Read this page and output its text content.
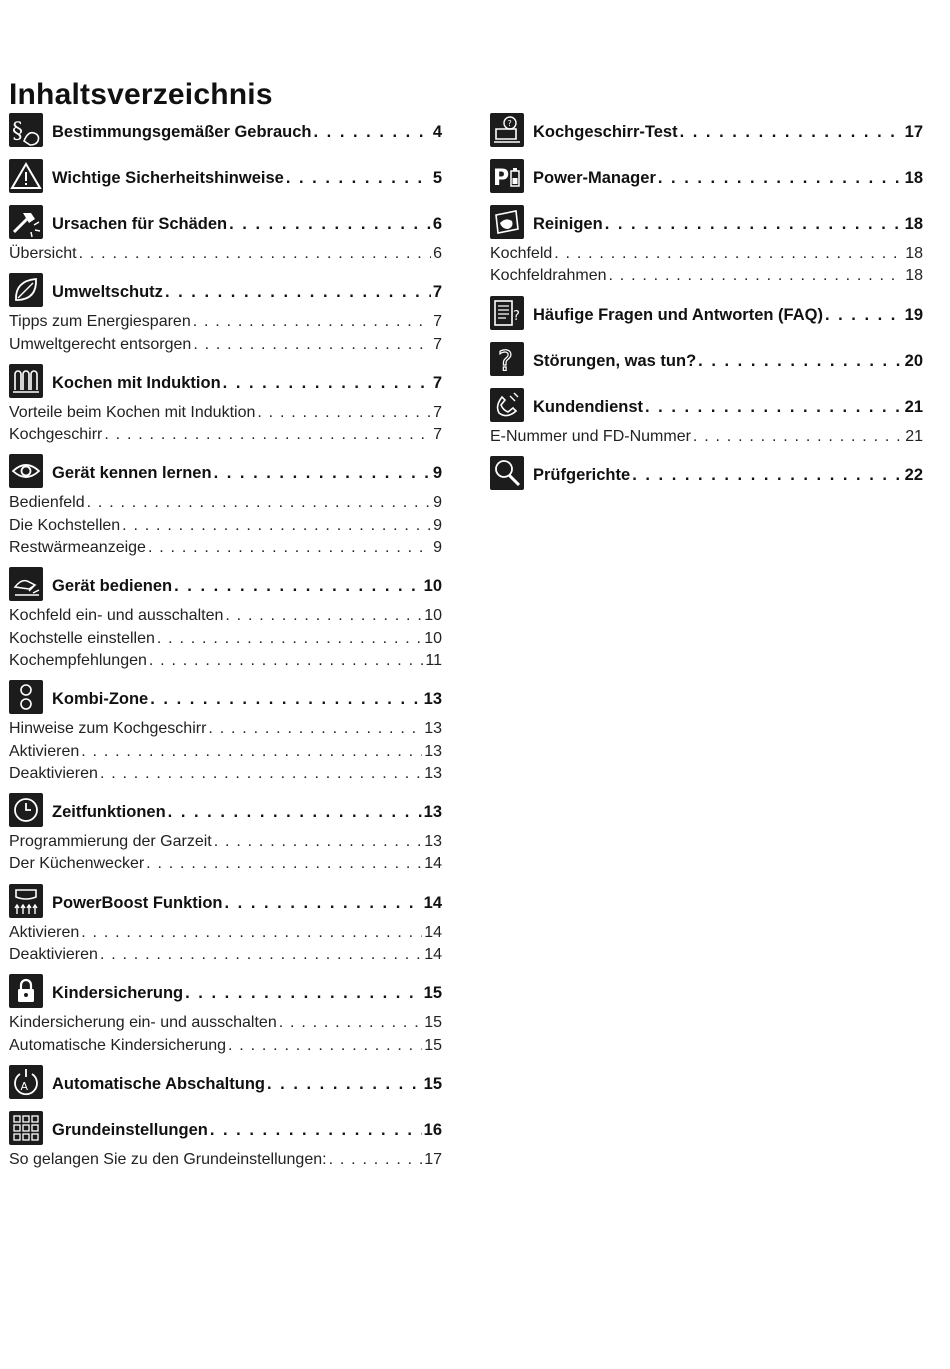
Inhaltsverzeichnis
§ Bestimmungsgemäßer Gebrauch . . .	4
Wichtige Sicherheitshinweise . . .	5
Ursachen für Schäden . . .	6
Übersicht . . .	6
Umweltschutz . . .	7
Tipps zum Energiesparen . . .	7
Umweltgerecht entsorgen . . .	7
Kochen mit Induktion . . .	7
Vorteile beim Kochen mit Induktion . . .	7
Kochgeschirr . . .	7
Gerät kennen lernen . . .	9
Bedienfeld . . .	9
Die Kochstellen . . .	9
Restwärmeanzeige . . .	9
Gerät bedienen . . .	10
Kochfeld ein- und ausschalten . . .	10
Kochstelle einstellen . . .	10
Kochempfehlungen . . .	11
Kombi-Zone . . .	13
Hinweise zum Kochgeschirr . . .	13
Aktivieren . . .	13
Deaktivieren . . .	13
Zeitfunktionen . . .	13
Programmierung der Garzeit . . .	13
Der Küchenwecker . . .	14
PowerBoost Funktion . . .	14
Aktivieren . . .	14
Deaktivieren . . .	14
Kindersicherung . . .	15
Kindersicherung ein- und ausschalten . . .	15
Automatische Kindersicherung . . .	15
A Automatische Abschaltung . . .	15
Grundeinstellungen . . .	16
So gelangen Sie zu den Grundeinstellungen: . . .	17
? Kochgeschirr-Test . . .	17
P Power-Manager . . .	18
Reinigen . . .	18
Kochfeld . . .	18
Kochfeldrahmen . . .	18
? Häufige Fragen und Antworten (FAQ) . . .	19
? Störungen, was tun? . . .	20
Kundendienst . . .	21
E-Nummer und FD-Nummer . . .	21
Prüfgerichte . . .	22
